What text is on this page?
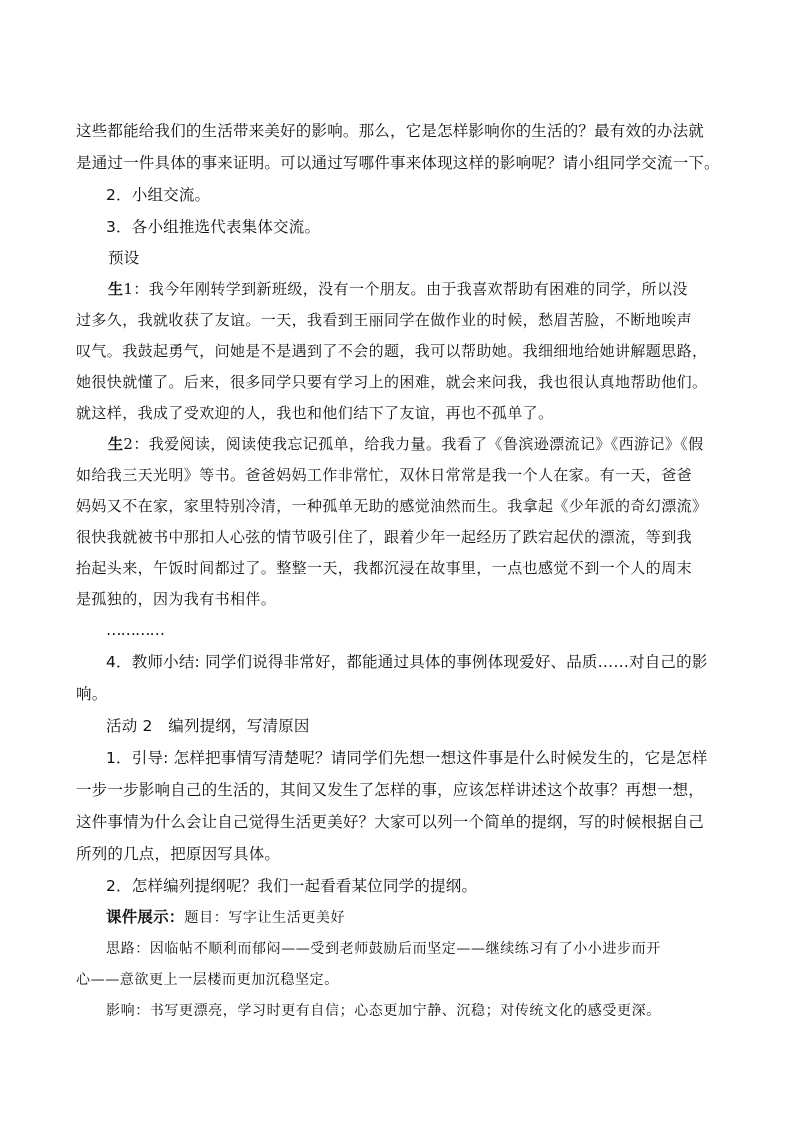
这些都能给我们的生活带来美好的影响。那么，它是怎样影响你的生活的？最有效的办法就
是通过一件具体的事来证明。可以通过写哪件事来体现这样的影响呢？请小组同学交流一下。
2．小组交流。
3．各小组推选代表集体交流。
预设
生1：我今年刚转学到新班级，没有一个朋友。由于我喜欢帮助有困难的同学，所以没
过多久，我就收获了友谊。一天，我看到王丽同学在做作业的时候，愁眉苦脸，不断地唉声
叹气。我鼓起勇气，问她是不是遇到了不会的题，我可以帮助她。我细细地给她讲解题思路，
她很快就懂了。后来，很多同学只要有学习上的困难，就会来问我，我也很认真地帮助他们。
就这样，我成了受欢迎的人，我也和他们结下了友谊，再也不孤单了。
生2：我爱阅读，阅读使我忘记孤单，给我力量。我看了《鲁滨逊漂流记》《西游记》《假
如给我三天光明》等书。爸爸妈妈工作非常忙，双休日常常是我一个人在家。有一天，爸爸
妈妈又不在家，家里特别冷清，一种孤单无助的感觉油然而生。我拿起《少年派的奇幻漂流》
很快我就被书中那扣人心弦的情节吸引住了，跟着少年一起经历了跌宕起伏的漂流，等到我
抬起头来，午饭时间都过了。整整一天，我都沉浸在故事里，一点也感觉不到一个人的周末
是孤独的，因为我有书相伴。
…………
4．教师小结: 同学们说得非常好，都能通过具体的事例体现爱好、品质……对自己的影
响。
活动 2　编列提纲，写清原因
1．引导: 怎样把事情写清楚呢？请同学们先想一想这件事是什么时候发生的，它是怎样
一步一步影响自己的生活的，其间又发生了怎样的事，应该怎样讲述这个故事？再想一想，
这件事情为什么会让自己觉得生活更美好？大家可以列一个简单的提纲，写的时候根据自己
所列的几点，把原因写具体。
2．怎样编列提纲呢？我们一起看看某位同学的提纲。
课件展示：题目：写字让生活更美好
思路：因临帖不顺利而郁闷——受到老师鼓励后而坚定——继续练习有了小小进步而开
心——意欲更上一层楼而更加沉稳坚定。
影响：书写更漂亮，学习时更有自信；心态更加宁静、沉稳；对传统文化的感受更深。
